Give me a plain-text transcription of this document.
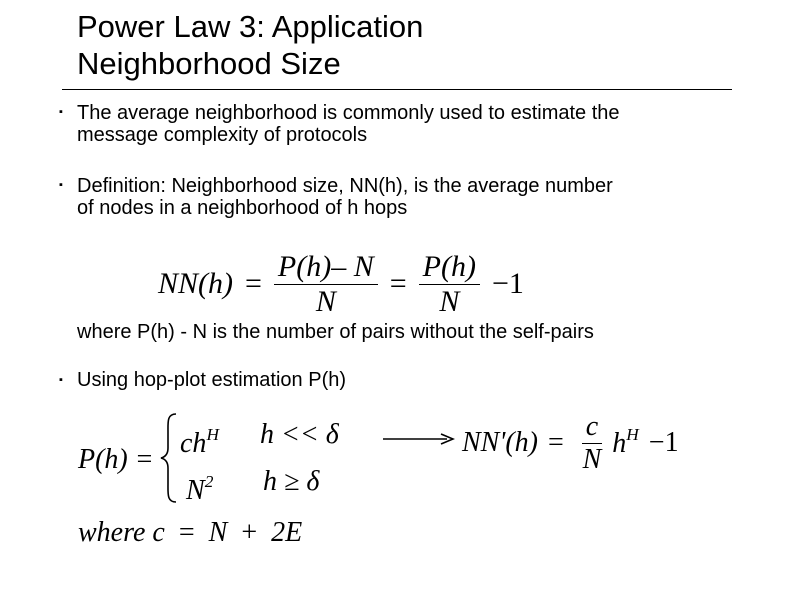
Power Law 3: Application
Neighborhood Size
▪ The average neighborhood is commonly used to estimate the
message complexity of protocols
▪ Definition: Neighborhood size, NN(h), is the average number
of nodes in a neighborhood of h hops
$NN(h) = \frac{P(h)- N}{N} = \frac{P(h)}{N} -1$
where P(h) - N is the number of pairs without the self-pairs
▪ Using hop-plot estimation P(h)
P(h) =
$ch^H$ h << δ
$N^2$ h ≥ δ
$NN'(h) = \frac{c}{N} h^H -1$
where c = N + 2E
